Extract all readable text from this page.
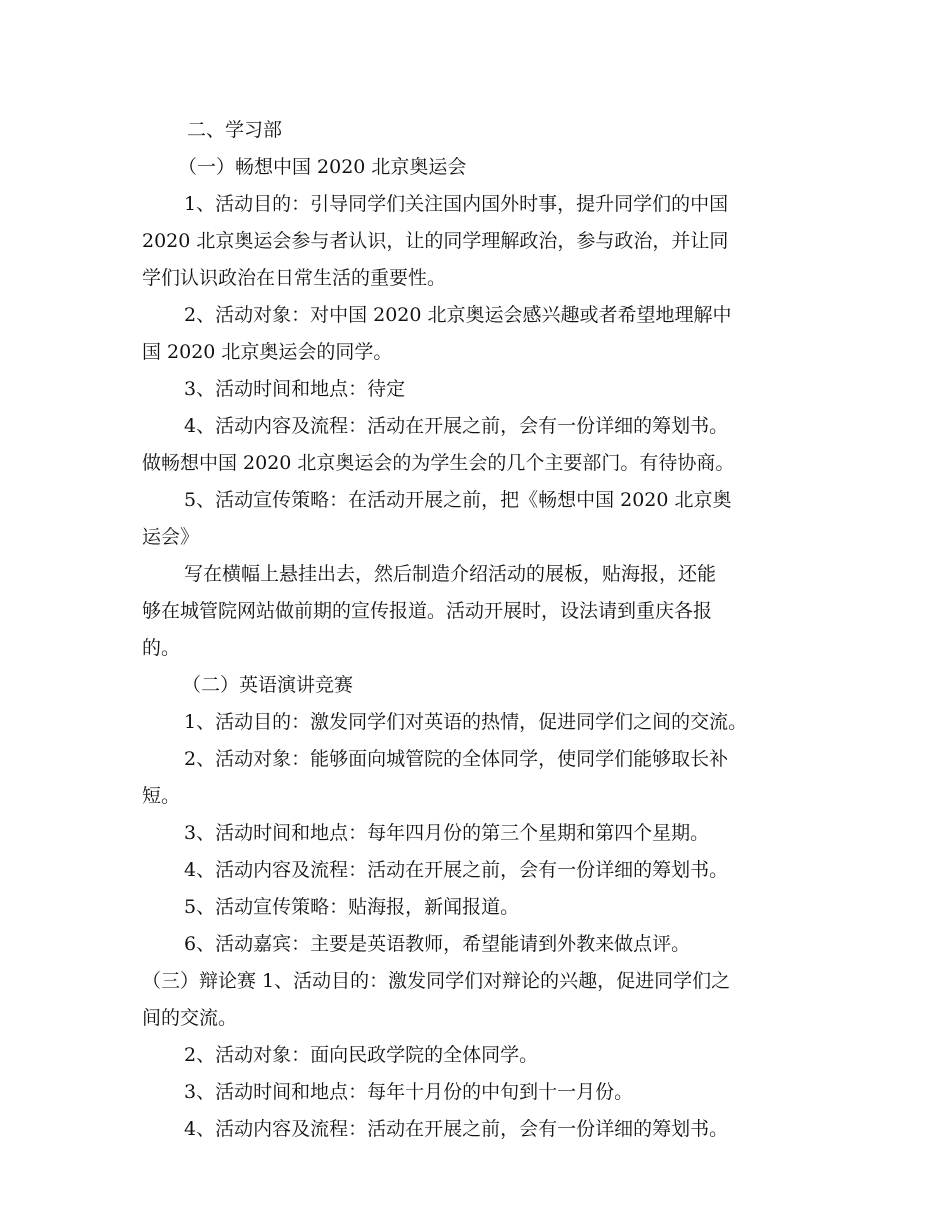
二、学习部

（一）畅想中国 2020 北京奥运会

1、活动目的：引导同学们关注国内国外时事，提升同学们的中国

2020 北京奥运会参与者认识，让的同学理解政治，参与政治，并让同

学们认识政治在日常生活的重要性。

2、活动对象：对中国 2020 北京奥运会感兴趣或者希望地理解中

国 2020 北京奥运会的同学。

3、活动时间和地点：待定

4、活动内容及流程：活动在开展之前，会有一份详细的筹划书。

做畅想中国 2020 北京奥运会的为学生会的几个主要部门。有待协商。

5、活动宣传策略：在活动开展之前，把《畅想中国 2020 北京奥

运会》

写在横幅上悬挂出去，然后制造介绍活动的展板，贴海报，还能

够在城管院网站做前期的宣传报道。活动开展时，设法请到重庆各报

的。

（二）英语演讲竞赛

1、活动目的：激发同学们对英语的热情，促进同学们之间的交流。

2、活动对象：能够面向城管院的全体同学，使同学们能够取长补

短。

3、活动时间和地点：每年四月份的第三个星期和第四个星期。

4、活动内容及流程：活动在开展之前，会有一份详细的筹划书。

5、活动宣传策略：贴海报，新闻报道。

6、活动嘉宾：主要是英语教师，希望能请到外教来做点评。

（三）辩论赛 1、活动目的：激发同学们对辩论的兴趣，促进同学们之

间的交流。

2、活动对象：面向民政学院的全体同学。

3、活动时间和地点：每年十月份的中旬到十一月份。

4、活动内容及流程：活动在开展之前，会有一份详细的筹划书。
